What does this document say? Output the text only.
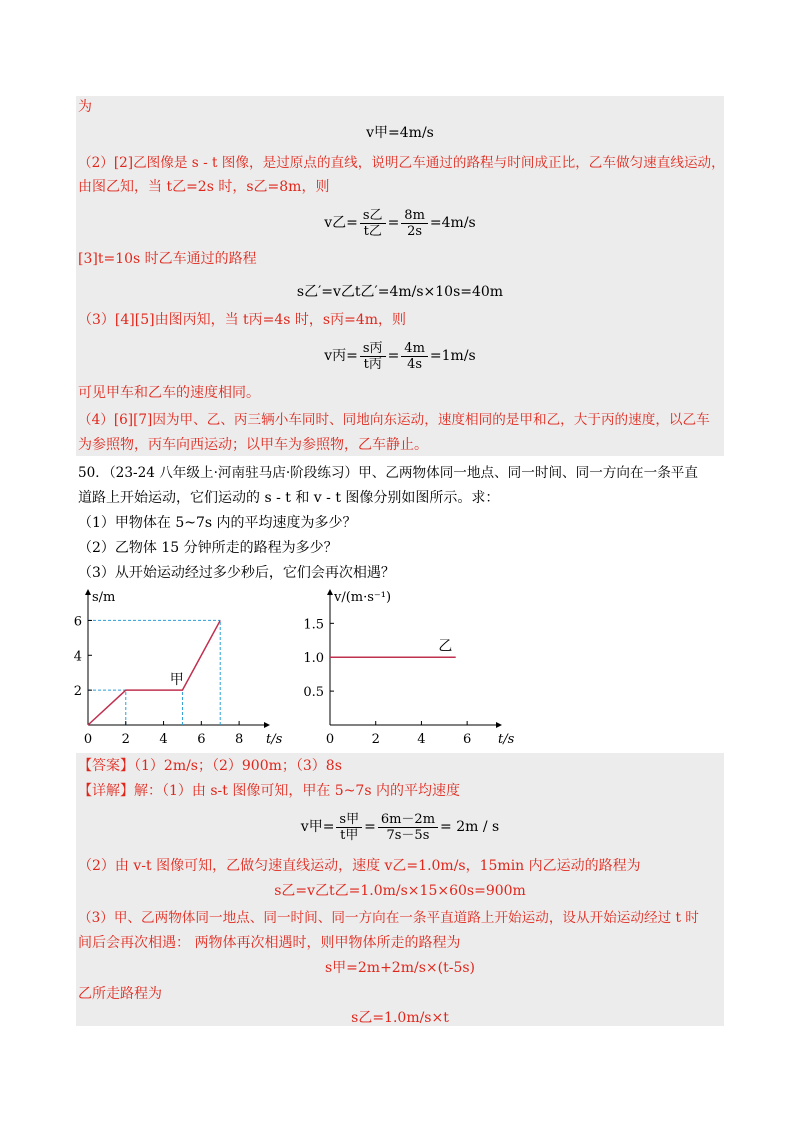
为
v甲=4m/s
（2）[2]乙图像是 s - t 图像，是过原点的直线，说明乙车通过的路程与时间成正比，乙车做匀速直线运动，
由图乙知，当 t乙=2s 时，s乙=8m，则
v乙= $\frac{\text{s乙}}{\text{t乙}} = \frac{8m}{2s} =4m/s$
[3]t=10s 时乙车通过的路程
s乙′=v乙t乙′=4m/s×10s=40m
（3）[4][5]由图丙知，当 t丙=4s 时，s丙=4m，则
v丙= $\frac{\text{s丙}}{\text{t丙}} = \frac{4m}{4s} =1m/s$
可见甲车和乙车的速度相同。
（4）[6][7]因为甲、乙、丙三辆小车同时、同地向东运动，速度相同的是甲和乙，大于丙的速度，以乙车
为参照物，丙车向西运动；以甲车为参照物，乙车静止。
50．（23-24 八年级上·河南驻马店·阶段练习）甲、乙两物体同一地点、同一时间、同一方向在一条平直
道路上开始运动，它们运动的 s - t 和 v - t 图像分别如图所示。求：
（1）甲物体在 5~7s 内的平均速度为多少？
（2）乙物体 15 分钟所走的路程为多少？
（3）从开始运动经过多少秒后，它们会再次相遇？
0 2 4 6 8
2
4
6
s/m
t/s
甲
0	2	4	6
0.5
1.0
1.5
v/(m·s⁻¹)
t/s
乙
【答案】（1）2m/s；（2）900m；（3）8s
【详解】解：（1）由 s-t 图像可知，甲在 5~7s 内的平均速度
v甲= $\frac{\text{s甲}}{\text{t甲}} = \frac{6m-2m}{7s-5s} = 2m / s$
（2）由 v-t 图像可知，乙做匀速直线运动，速度 v乙=1.0m/s，15min 内乙运动的路程为
s乙=v乙t乙=1.0m/s×15×60s=900m
（3）甲、乙两物体同一地点、同一时间、同一方向在一条平直道路上开始运动，设从开始运动经过 t 时
间后会再次相遇： 两物体再次相遇时，则甲物体所走的路程为
s甲=2m+2m/s×(t-5s)
乙所走路程为
s乙=1.0m/s×t
